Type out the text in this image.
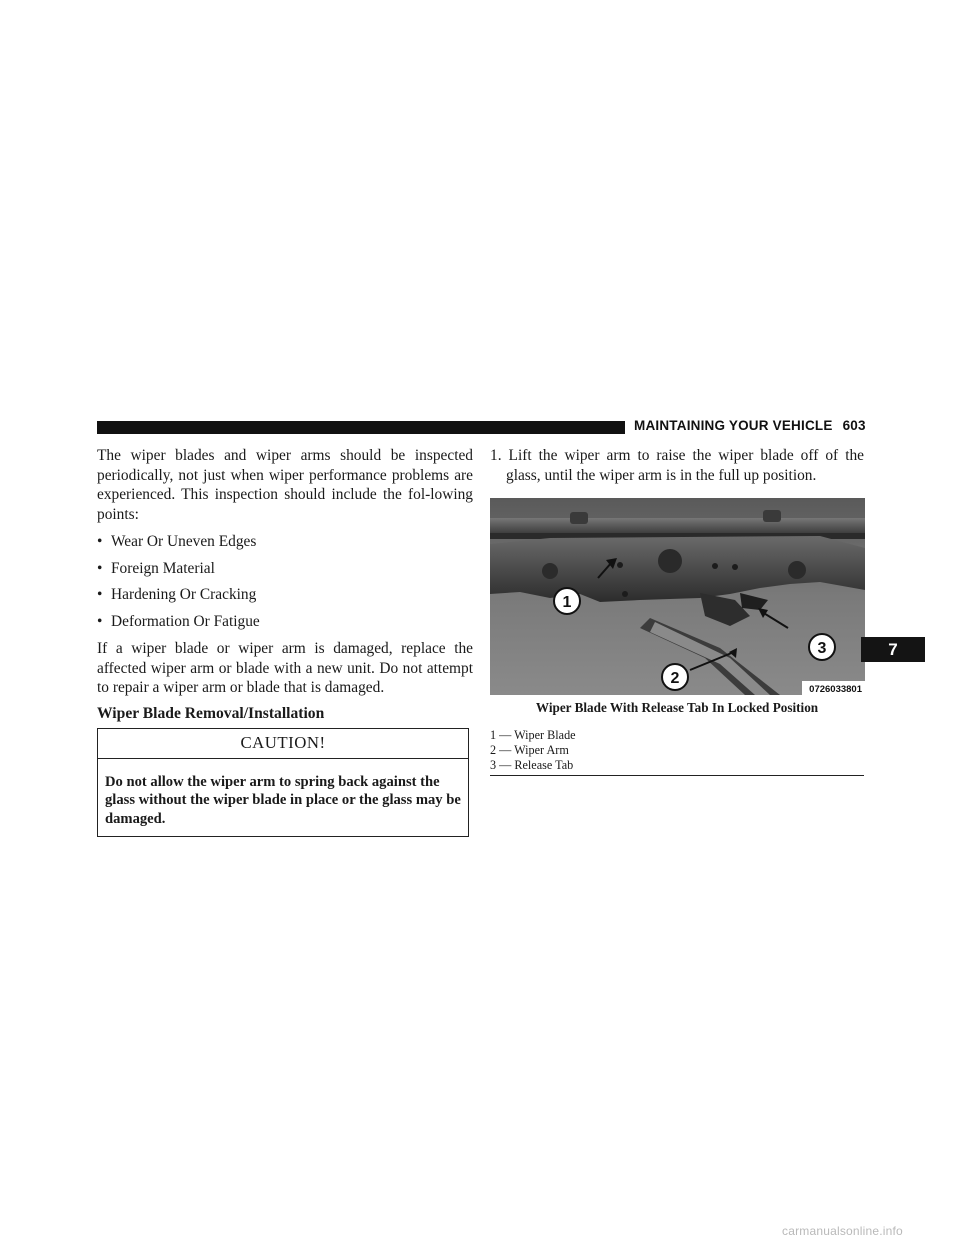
MAINTAINING YOUR VEHICLE 603

The wiper blades and wiper arms should be inspected periodically, not just when wiper performance problems are experienced. This inspection should include the fol-lowing points:

• Wear Or Uneven Edges
• Foreign Material
• Hardening Or Cracking
• Deformation Or Fatigue

If a wiper blade or wiper arm is damaged, replace the affected wiper arm or blade with a new unit. Do not attempt to repair a wiper arm or blade that is damaged.

Wiper Blade Removal/Installation
CAUTION!
Do not allow the wiper arm to spring back against the glass without the wiper blade in place or the glass may be damaged.

1. Lift the wiper arm to raise the wiper blade off of the glass, until the wiper arm is in the full up position.

1
2
3
0726033801
Wiper Blade With Release Tab In Locked Position
1 — Wiper Blade
2 — Wiper Arm
3 — Release Tab
7
carmanualsonline.info
